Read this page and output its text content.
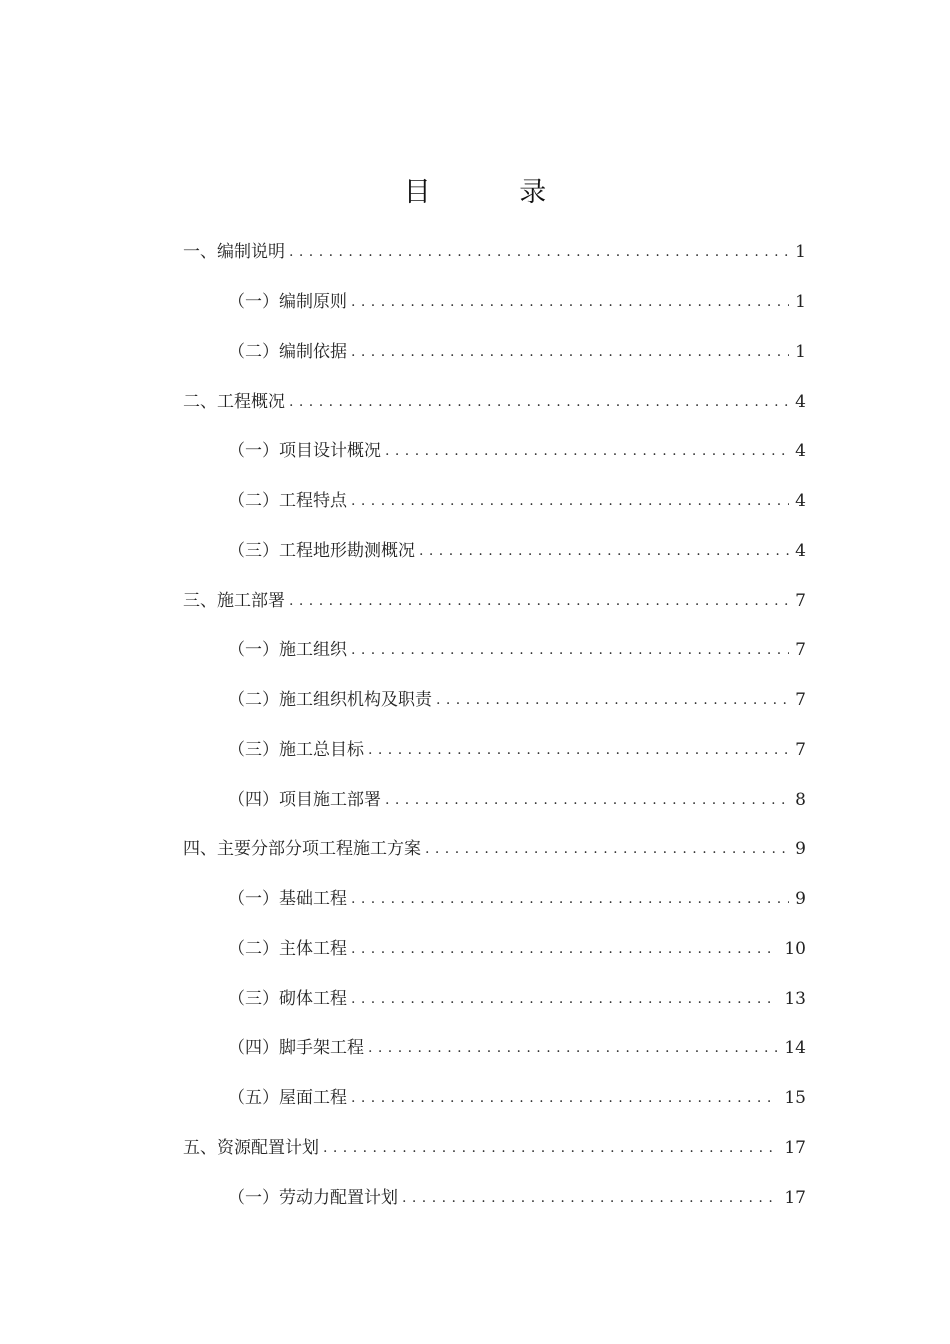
目 录
一、编制说明 . . .	1
（一）编制原则 . . .	1
（二）编制依据 . . .	1
二、工程概况 . . .	4
（一）项目设计概况 . . .	4
（二）工程特点 . . .	4
（三）工程地形勘测概况 . . .	4
三、施工部署 . . .	7
（一）施工组织 . . .	7
（二）施工组织机构及职责 . . .	7
（三）施工总目标 . . .	7
（四）项目施工部署 . . .	8
四、主要分部分项工程施工方案 . . .	9
（一）基础工程 . . .	9
（二）主体工程 . . .	10
（三）砌体工程 . . .	13
（四）脚手架工程 . . .	14
（五）屋面工程 . . .	15
五、资源配置计划 . . .	17
（一）劳动力配置计划 . . .	17
